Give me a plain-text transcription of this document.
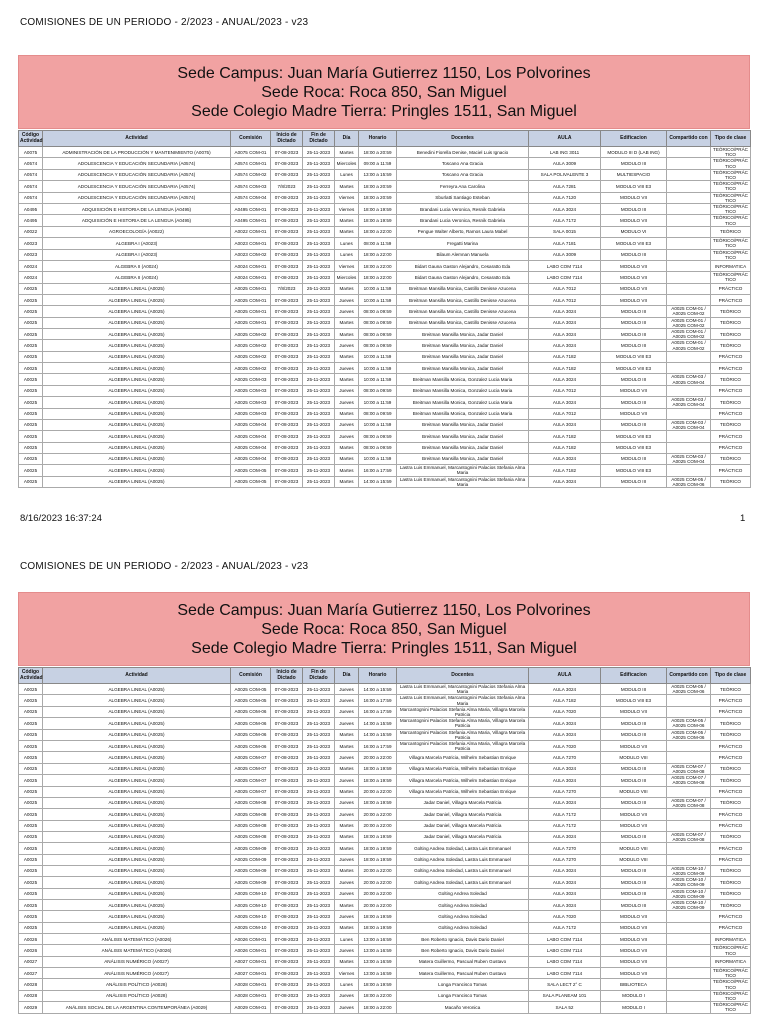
COMISIONES DE UN PERIODO - 2/2023 - ANUAL/2023 - v23
Sede Campus: Juan María Gutierrez 1150, Los Polvorines
Sede Roca: Roca 850, San Miguel
Sede Colegio Madre Tierra: Pringles 1511, San Miguel
Código Actividad	Actividad	Comisión	Inicio de Dictado	Fin de Dictado	Día	Horario	Docentes	AULA	Edificacion	Compartido con	Tipo de clase
A0075	ADMINISTRACIÓN DE LA PRODUCCIÓN Y MANTENIMIENTO (A0075)	A0075 COM-01	07-08-2023	25-11-2023	Martes	18:00 a 20:59	Benedini Fiorella Denise, Maciel Luis Ignacio	LAB ING 3011	MODULO III D (LAB ING)		TEÓRICO/PRÁCTICO
A0574	ADOLESCENCIA Y EDUCACIÓN SECUNDARIA (A0574)	A0574 COM-01	07-08-2023	25-11-2023	Miercoles	09:00 a 11:59	Toscano Ana Gracia	AULA 3009	MODULO III		TEÓRICO/PRÁCTICO
A0574	ADOLESCENCIA Y EDUCACIÓN SECUNDARIA (A0574)	A0574 COM-02	07-08-2023	25-11-2023	Lunes	13:00 a 15:59	Toscano Ana Gracia	SALA POLIVALENTE 3	MULTIESPACIO		TEÓRICO/PRÁCTICO
A0574	ADOLESCENCIA Y EDUCACIÓN SECUNDARIA (A0574)	A0574 COM-03	7/8/2023	25-11-2023	Martes	18:00 a 20:59	Ferreyra Ana Carolina	AULA 7281	MODULO VIII E3		TEÓRICO/PRÁCTICO
A0574	ADOLESCENCIA Y EDUCACIÓN SECUNDARIA (A0574)	A0574 COM-04	07-08-2023	25-11-2023	Viernes	18:00 a 20:59	Sburlatti Santiago Esteban	AULA 7120	MODULO VII		TEÓRICO/PRÁCTICO
A0495	ADQUISICIÓN E HISTORIA DE LA LENGUA (A0495)	A0495 COM-01	07-08-2023	25-11-2023	Viernes	18:00 a 19:59	Brandani Lucia Veronica, Resnik Gabriela	AULA 3024	MODULO III		TEÓRICO/PRÁCTICO
A0495	ADQUISICIÓN E HISTORIA DE LA LENGUA (A0495)	A0495 COM-01	07-08-2023	25-11-2023	Martes	18:00 a 19:59	Brandani Lucia Veronica, Resnik Gabriela	AULA 7172	MODULO VII		TEÓRICO/PRÁCTICO
A0022	AGROECOLOGÍA (A0022)	A0022 COM-01	07-08-2023	25-11-2023	Martes	18:00 a 22:00	Pengue Walter Alberto, Ramos Laura Mabel	SALA 0015	MODULO VI		TEÓRICO
A0023	ALGEBRA I (A0023)	A0023 COM-01	07-08-2023	25-11-2023	Lunes	08:00 a 11:59	Fregatti Marina	AULA 7181	MODULO VIII E3		TEÓRICO/PRÁCTICO
A0023	ALGEBRA I (A0023)	A0023 COM-02	07-08-2023	25-11-2023	Lunes	18:00 a 22:00	Bilaum Alemnan Manuela	AULA 3009	MODULO III		TEÓRICO/PRÁCTICO
A0024	ALGEBRA II (A0024)	A0024 COM-01	07-08-2023	25-11-2023	Viernes	18:00 a 22:00	Bidart Gauna Gaston Alejandro, Cesaratto Eda	LABO COM 7114	MODULO VII		INFORMATICA
A0024	ALGEBRA II (A0024)	A0024 COM-01	07-08-2023	25-11-2023	Miercoles	18:00 a 22:00	Bidart Gauna Gaston Alejandro, Cesaratto Eda	LABO COM 7114	MODULO VII		TEÓRICO/PRÁCTICO
A0025	ALGEBRA LINEAL (A0025)	A0025 COM-01	7/8/2023	25-11-2023	Martes	10:00 a 11:59	Breitman Mansilla Monica, Castillo Denisse Azucena	AULA 7012	MODULO VII		PRÁCTICO
A0025	ALGEBRA LINEAL (A0025)	A0025 COM-01	07-08-2023	25-11-2023	Jueves	10:00 a 11:59	Breitman Mansilla Monica, Castillo Denisse Azucena	AULA 7012	MODULO VII		PRÁCTICO
A0025	ALGEBRA LINEAL (A0025)	A0025 COM-01	07-08-2023	25-11-2023	Jueves	08:00 a 09:59	Breitman Mansilla Monica, Castillo Denisse Azucena	AULA 3024	MODULO III	A0025 COM-01 / A0025 COM-02	TEÓRICO
A0025	ALGEBRA LINEAL (A0025)	A0025 COM-01	07-08-2023	25-11-2023	Martes	08:00 a 09:59	Breitman Mansilla Monica, Castillo Denisse Azucena	AULA 3024	MODULO III	A0025 COM-01 / A0025 COM-02	TEÓRICO
A0025	ALGEBRA LINEAL (A0025)	A0025 COM-02	07-08-2023	25-11-2023	Martes	08:00 a 09:59	Breitman Mansilla Monica, Jadar Daniel	AULA 3024	MODULO III	A0025 COM-01 / A0025 COM-02	TEÓRICO
A0025	ALGEBRA LINEAL (A0025)	A0025 COM-02	07-08-2023	25-11-2023	Jueves	08:00 a 09:59	Breitman Mansilla Monica, Jadar Daniel	AULA 3024	MODULO III	A0025 COM-01 / A0025 COM-02	TEÓRICO
A0025	ALGEBRA LINEAL (A0025)	A0025 COM-02	07-08-2023	25-11-2023	Martes	10:00 a 11:59	Breitman Mansilla Monica, Jadar Daniel	AULA 7182	MODULO VIII E3		PRÁCTICO
A0025	ALGEBRA LINEAL (A0025)	A0025 COM-02	07-08-2023	25-11-2023	Jueves	10:00 a 11:59	Breitman Mansilla Monica, Jadar Daniel	AULA 7182	MODULO VIII E3		PRÁCTICO
A0025	ALGEBRA LINEAL (A0025)	A0025 COM-03	07-08-2023	25-11-2023	Martes	10:00 a 11:59	Breitman Mansilla Monica, Gonzalez Lucia Maria	AULA 3024	MODULO III	A0025 COM-03 / A0025 COM-04	TEÓRICO
A0025	ALGEBRA LINEAL (A0025)	A0025 COM-03	07-08-2023	25-11-2023	Jueves	08:00 a 09:59	Breitman Mansilla Monica, Gonzalez Lucia Maria	AULA 7012	MODULO VII		PRÁCTICO
A0025	ALGEBRA LINEAL (A0025)	A0025 COM-03	07-08-2023	25-11-2023	Jueves	10:00 a 11:59	Breitman Mansilla Monica, Gonzalez Lucia Maria	AULA 3024	MODULO III	A0025 COM-03 / A0025 COM-04	TEÓRICO
A0025	ALGEBRA LINEAL (A0025)	A0025 COM-03	07-08-2023	25-11-2023	Martes	08:00 a 09:59	Breitman Mansilla Monica, Gonzalez Lucia Maria	AULA 7012	MODULO VII		PRÁCTICO
A0025	ALGEBRA LINEAL (A0025)	A0025 COM-04	07-08-2023	25-11-2023	Jueves	10:00 a 11:59	Breitman Mansilla Monica, Jadar Daniel	AULA 3024	MODULO III	A0025 COM-03 / A0025 COM-04	TEÓRICO
A0025	ALGEBRA LINEAL (A0025)	A0025 COM-04	07-08-2023	25-11-2023	Jueves	08:00 a 09:59	Breitman Mansilla Monica, Jadar Daniel	AULA 7182	MODULO VIII E3		PRÁCTICO
A0025	ALGEBRA LINEAL (A0025)	A0025 COM-04	07-08-2023	25-11-2023	Martes	08:00 a 09:59	Breitman Mansilla Monica, Jadar Daniel	AULA 7182	MODULO VIII E3		PRÁCTICO
A0025	ALGEBRA LINEAL (A0025)	A0025 COM-04	07-08-2023	25-11-2023	Martes	10:00 a 11:59	Breitman Mansilla Monica, Jadar Daniel	AULA 3024	MODULO III	A0025 COM-03 / A0025 COM-04	TEÓRICO
A0025	ALGEBRA LINEAL (A0025)	A0025 COM-05	07-08-2023	25-11-2023	Martes	16:00 a 17:59	Lastra Luis Emmanuel, Marcantognini Palacios Stefania Alma Maria	AULA 7182	MODULO VIII E3		PRÁCTICO
A0025	ALGEBRA LINEAL (A0025)	A0025 COM-05	07-08-2023	25-11-2023	Martes	14:00 a 15:59	Lastra Luis Emmanuel, Marcantognini Palacios Stefania Alma Maria	AULA 3024	MODULO III	A0025 COM-05 / A0025 COM-06	TEÓRICO
8/16/2023 16:37:24	1
COMISIONES DE UN PERIODO - 2/2023 - ANUAL/2023 - v23
Sede Campus: Juan María Gutierrez 1150, Los Polvorines
Sede Roca: Roca 850, San Miguel
Sede Colegio Madre Tierra: Pringles 1511, San Miguel
Código Actividad	Actividad	Comisión	Inicio de Dictado	Fin de Dictado	Día	Horario	Docentes	AULA	Edificacion	Compartido con	Tipo de clase
A0025	ALGEBRA LINEAL (A0025)	A0025 COM-05	07-08-2023	25-11-2023	Jueves	14:00 a 15:59	Lastra Luis Emmanuel, Marcantognini Palacios Stefania Alma Maria	AULA 3024	MODULO III	A0025 COM-05 / A0025 COM-06	TEÓRICO
A0025	ALGEBRA LINEAL (A0025)	A0025 COM-05	07-08-2023	25-11-2023	Jueves	16:00 a 17:59	Lastra Luis Emmanuel, Marcantognini Palacios Stefania Alma Maria	AULA 7182	MODULO VIII E3		PRÁCTICO
A0025	ALGEBRA LINEAL (A0025)	A0025 COM-06	07-08-2023	25-11-2023	Jueves	16:00 a 17:59	Marcantognini Palacios Stefania Alma Maria, Villagra Marcela Patricia	AULA 7020	MODULO VII		PRÁCTICO
A0025	ALGEBRA LINEAL (A0025)	A0025 COM-06	07-08-2023	25-11-2023	Jueves	14:00 a 15:59	Marcantognini Palacios Stefania Alma Maria, Villagra Marcela Patricia	AULA 3024	MODULO III	A0025 COM-05 / A0025 COM-06	TEÓRICO
A0025	ALGEBRA LINEAL (A0025)	A0025 COM-06	07-08-2023	25-11-2023	Martes	14:00 a 15:59	Marcantognini Palacios Stefania Alma Maria, Villagra Marcela Patricia	AULA 3024	MODULO III	A0025 COM-05 / A0025 COM-06	TEÓRICO
A0025	ALGEBRA LINEAL (A0025)	A0025 COM-06	07-08-2023	25-11-2023	Martes	16:00 a 17:59	Marcantognini Palacios Stefania Alma Maria, Villagra Marcela Patricia	AULA 7020	MODULO VII		PRÁCTICO
A0025	ALGEBRA LINEAL (A0025)	A0025 COM-07	07-08-2023	25-11-2023	Jueves	20:00 a 22:00	Villagra Marcela Patricia, Wilhelm Sebastian Enrique	AULA 7270	MODULO VIII		PRÁCTICO
A0025	ALGEBRA LINEAL (A0025)	A0025 COM-07	07-08-2023	25-11-2023	Martes	18:00 a 19:59	Villagra Marcela Patricia, Wilhelm Sebastian Enrique	AULA 3024	MODULO III	A0025 COM-07 / A0025 COM-08	TEÓRICO
A0025	ALGEBRA LINEAL (A0025)	A0025 COM-07	07-08-2023	25-11-2023	Jueves	18:00 a 19:59	Villagra Marcela Patricia, Wilhelm Sebastian Enrique	AULA 3024	MODULO III	A0025 COM-07 / A0025 COM-08	TEÓRICO
A0025	ALGEBRA LINEAL (A0025)	A0025 COM-07	07-08-2023	25-11-2023	Martes	20:00 a 22:00	Villagra Marcela Patricia, Wilhelm Sebastian Enrique	AULA 7270	MODULO VIII		PRÁCTICO
A0025	ALGEBRA LINEAL (A0025)	A0025 COM-08	07-08-2023	25-11-2023	Jueves	18:00 a 19:59	Jadar Daniel, Villagra Marcela Patricia	AULA 3024	MODULO III	A0025 COM-07 / A0025 COM-08	TEÓRICO
A0025	ALGEBRA LINEAL (A0025)	A0025 COM-08	07-08-2023	25-11-2023	Jueves	20:00 a 22:00	Jadar Daniel, Villagra Marcela Patricia	AULA 7172	MODULO VII		PRÁCTICO
A0025	ALGEBRA LINEAL (A0025)	A0025 COM-08	07-08-2023	25-11-2023	Martes	20:00 a 22:00	Jadar Daniel, Villagra Marcela Patricia	AULA 7172	MODULO VII		PRÁCTICO
A0025	ALGEBRA LINEAL (A0025)	A0025 COM-08	07-08-2023	25-11-2023	Martes	18:00 a 19:59	Jadar Daniel, Villagra Marcela Patricia	AULA 3024	MODULO III	A0025 COM-07 / A0025 COM-08	TEÓRICO
A0025	ALGEBRA LINEAL (A0025)	A0025 COM-09	07-08-2023	25-11-2023	Martes	18:00 a 19:59	Golting Andrea Soledad, Lastra Luis Emmanuel	AULA 7270	MODULO VIII		PRÁCTICO
A0025	ALGEBRA LINEAL (A0025)	A0025 COM-09	07-08-2023	25-11-2023	Jueves	18:00 a 19:59	Golting Andrea Soledad, Lastra Luis Emmanuel	AULA 7270	MODULO VIII		PRÁCTICO
A0025	ALGEBRA LINEAL (A0025)	A0025 COM-09	07-08-2023	25-11-2023	Martes	20:00 a 22:00	Golting Andrea Soledad, Lastra Luis Emmanuel	AULA 3024	MODULO III	A0025 COM-10 / A0025 COM-09	TEÓRICO
A0025	ALGEBRA LINEAL (A0025)	A0025 COM-09	07-08-2023	25-11-2023	Jueves	20:00 a 22:00	Golting Andrea Soledad, Lastra Luis Emmanuel	AULA 3024	MODULO III	A0025 COM-10 / A0025 COM-09	TEÓRICO
A0025	ALGEBRA LINEAL (A0025)	A0025 COM-10	07-08-2023	25-11-2023	Jueves	20:00 a 22:00	Golting Andrea Soledad	AULA 3024	MODULO III	A0025 COM-10 / A0025 COM-09	TEÓRICO
A0025	ALGEBRA LINEAL (A0025)	A0025 COM-10	07-08-2023	25-11-2023	Martes	20:00 a 22:00	Golting Andrea Soledad	AULA 3024	MODULO III	A0025 COM-10 / A0025 COM-09	TEÓRICO
A0025	ALGEBRA LINEAL (A0025)	A0025 COM-10	07-08-2023	25-11-2023	Jueves	18:00 a 19:59	Golting Andrea Soledad	AULA 7020	MODULO VII		PRÁCTICO
A0025	ALGEBRA LINEAL (A0025)	A0025 COM-10	07-08-2023	25-11-2023	Martes	18:00 a 19:59	Golting Andrea Soledad	AULA 7172	MODULO VII		PRÁCTICO
A0026	ANÁLISIS MATEMÁTICO (A0026)	A0026 COM-01	07-08-2023	25-11-2023	Lunes	13:00 a 16:59	Ben Roberto Ignacio, Davis Dario Daniel	LABO COM 7114	MODULO VII		INFORMATICA
A0026	ANÁLISIS MATEMÁTICO (A0026)	A0026 COM-01	07-08-2023	25-11-2023	Jueves	13:00 a 16:59	Ben Roberto Ignacio, Davis Dario Daniel	LABO COM 7114	MODULO VII		TEÓRICO/PRÁCTICO
A0027	ANÁLISIS NUMÉRICO (A0027)	A0027 COM-01	07-08-2023	25-11-2023	Martes	13:00 a 16:59	Matera Guillermo, Pascual Ruben Gustavo	LABO COM 7114	MODULO VII		INFORMATICA
A0027	ANÁLISIS NUMÉRICO (A0027)	A0027 COM-01	07-08-2023	25-11-2023	Viernes	13:00 a 16:59	Matera Guillermo, Pascual Ruben Gustavo	LABO COM 7114	MODULO VII		TEÓRICO/PRÁCTICO
A0028	ANÁLISIS POLÍTICO (A0028)	A0028 COM-01	07-08-2023	25-11-2023	Lunes	18:00 a 19:59	Longa Francisco Tomas	SALA LECT 2° C	BIBLIOTECA		TEÓRICO/PRÁCTICO
A0028	ANÁLISIS POLÍTICO (A0028)	A0028 COM-01	07-08-2023	25-11-2023	Jueves	18:00 a 22:00	Longa Francisco Tomas	SALA PLANEAM 101	MODULO I		TEÓRICO/PRÁCTICO
A0029	ANÁLISIS SOCIAL DE LA ARGENTINA CONTEMPORÁNEA (A0029)	A0029 COM-01	07-08-2023	25-11-2023	Jueves	18:00 a 22:00	Macaño Veronica	SALA 52	MODULO I		TEÓRICO/PRÁCTICO
